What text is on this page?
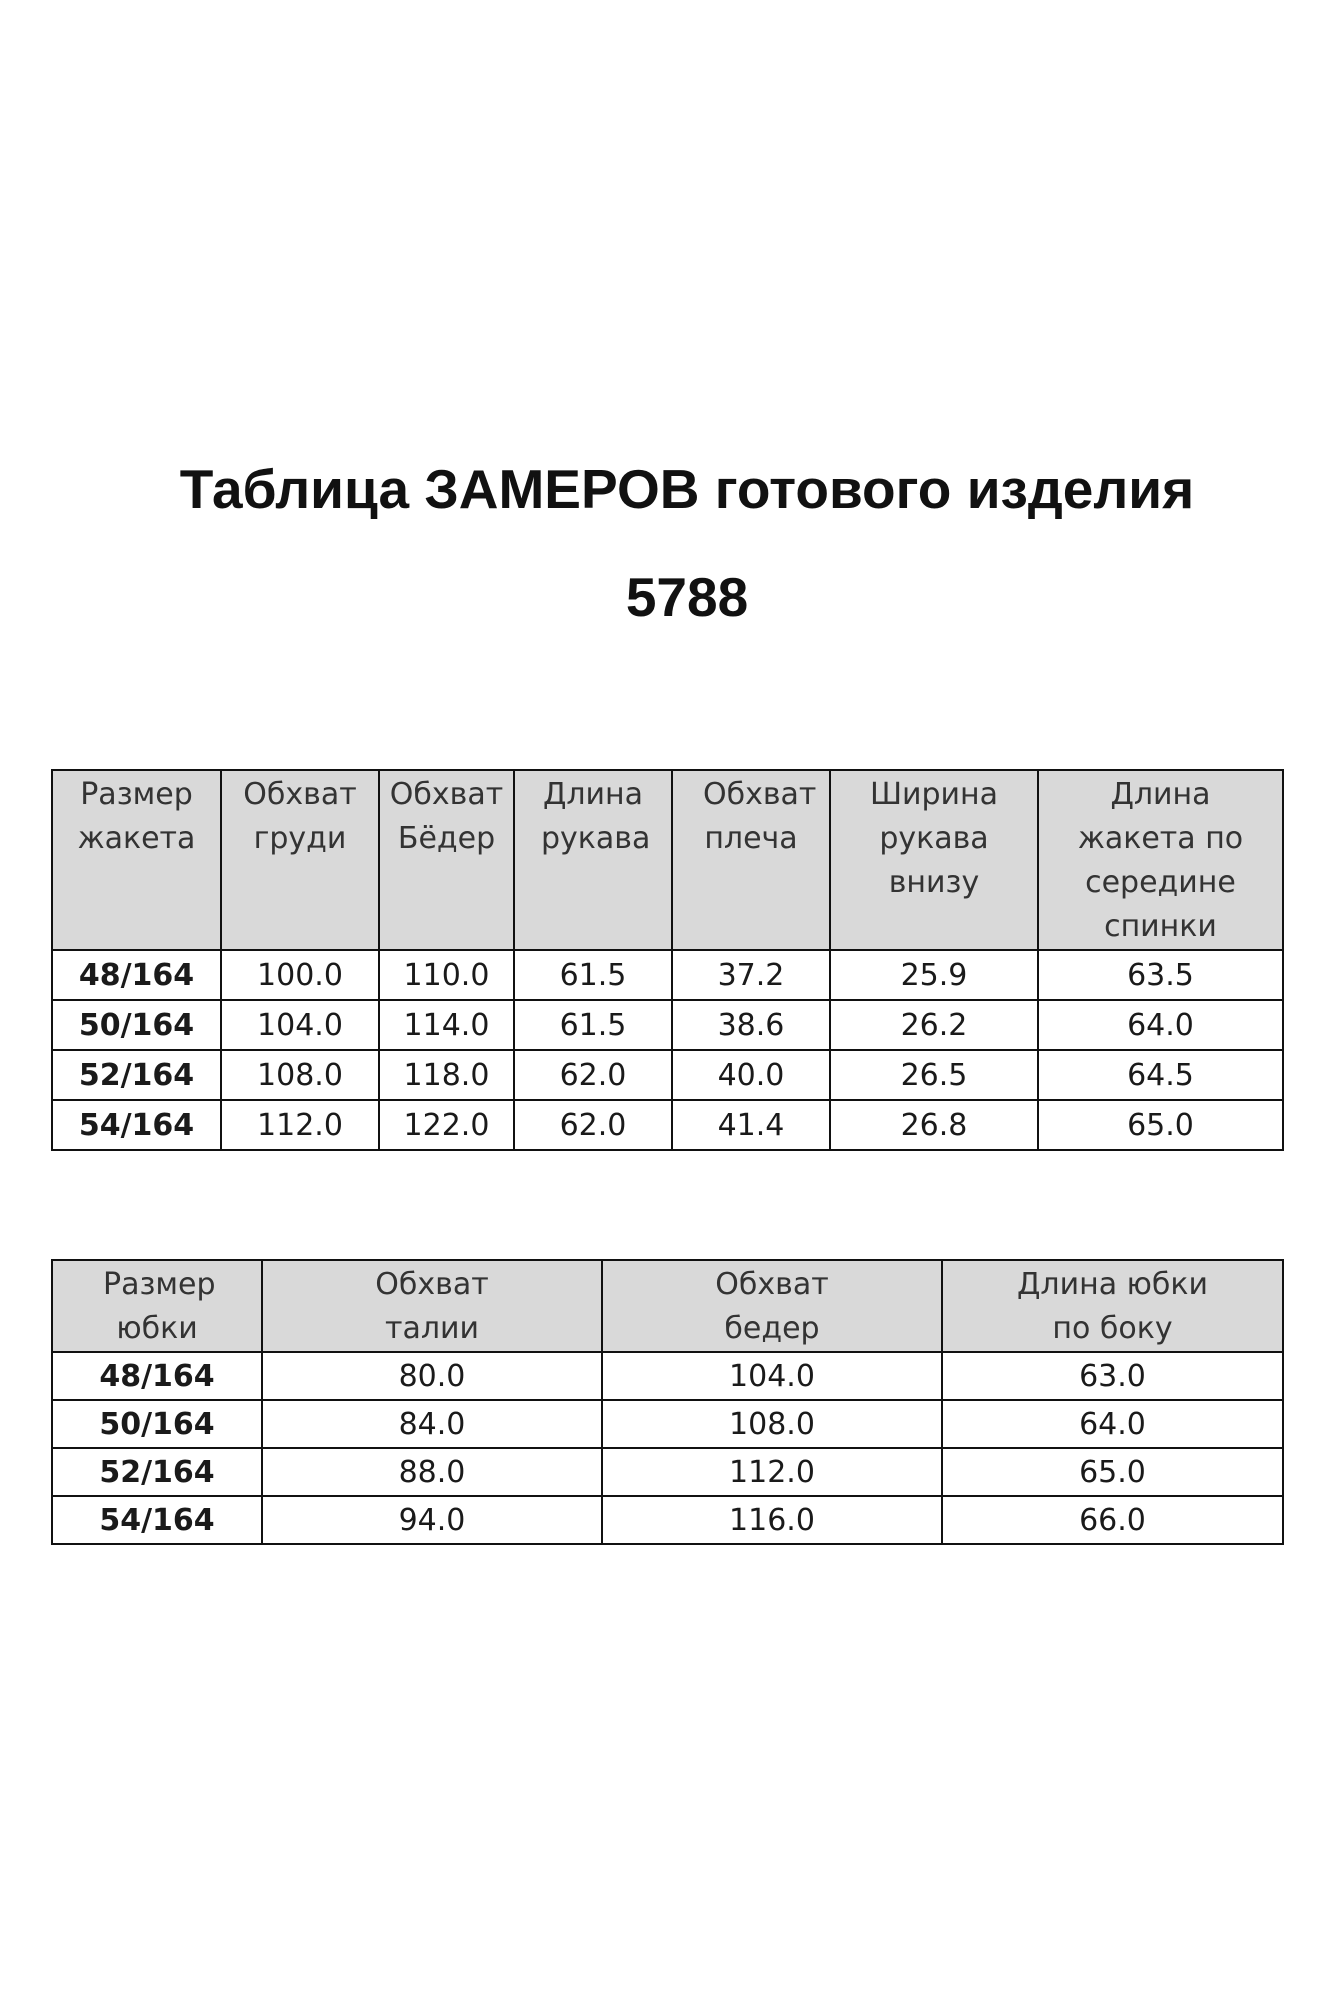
Таблица ЗАМЕРОВ готового изделия
5788
Размер жакета	Обхват груди	Обхват Бёдер	Длина рукава	Обхват плеча	Ширина рукава внизу	Длина жакета по середине спинки
48/164	100.0	110.0	61.5	37.2	25.9	63.5
50/164	104.0	114.0	61.5	38.6	26.2	64.0
52/164	108.0	118.0	62.0	40.0	26.5	64.5
54/164	112.0	122.0	62.0	41.4	26.8	65.0
Размер юбки	Обхват талии	Обхват бедер	Длина юбки по боку
48/164	80.0	104.0	63.0
50/164	84.0	108.0	64.0
52/164	88.0	112.0	65.0
54/164	94.0	116.0	66.0
